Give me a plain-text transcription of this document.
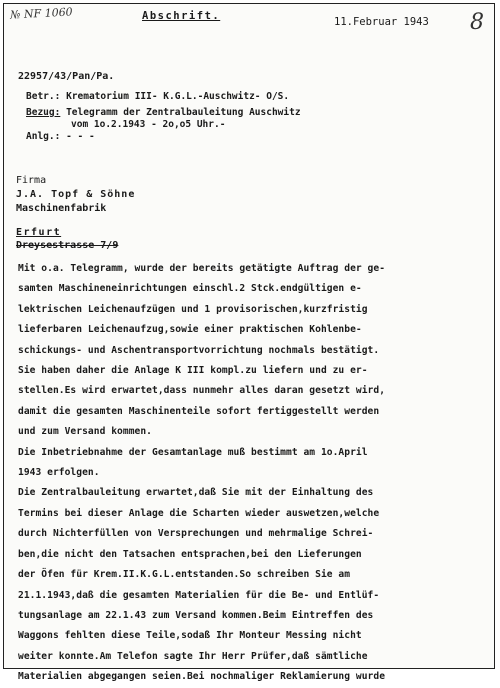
№ NF 1060	8
Abschrift.	11.Februar 1943
22957/43/Pan/Pa.
Betr.: Krematorium III- K.G.L.-Auschwitz- O/S.
Bezug: Telegramm der Zentralbauleitung Auschwitz
vom 1o.2.1943 - 2o,o5 Uhr.-
Anlg.: - - -
Firma
J.A. Topf & Söhne
Maschinenfabrik
Erfurt
Dreysestrasse 7/9
Mit o.a. Telegramm, wurde der bereits getätigte Auftrag der ge-
samten Maschineneinrichtungen einschl.2 Stck.endgültigen e-
lektrischen Leichenaufzügen und 1 provisorischen,kurzfristig
lieferbaren Leichenaufzug,sowie einer praktischen Kohlenbe-
schickungs- und Aschentransportvorrichtung nochmals bestätigt.
Sie haben daher die Anlage K III kompl.zu liefern und zu er-
stellen.Es wird erwartet,dass nunmehr alles daran gesetzt wird,
damit die gesamten Maschinenteile sofort fertiggestellt werden
und zum Versand kommen.
Die Inbetriebnahme der Gesamtanlage muß bestimmt am 1o.April
1943 erfolgen.
Die Zentralbauleitung erwartet,daß Sie mit der Einhaltung des
Termins bei dieser Anlage die Scharten wieder auswetzen,welche
durch Nichterfüllen von Versprechungen und mehrmalige Schrei-
ben,die nicht den Tatsachen entsprachen,bei den Lieferungen
der Öfen für Krem.II.K.G.L.entstanden.So schreiben Sie am
21.1.1943,daß die gesamten Materialien für die Be- und Entlüf-
tungsanlage am 22.1.43 zum Versand kommen.Beim Eintreffen des
Waggons fehlten diese Teile,sodaß Ihr Monteur Messing nicht
weiter konnte.Am Telefon sagte Ihr Herr Prüfer,daß sämtliche
Materialien abgegangen seien.Bei nochmaliger Reklamierung wurde
